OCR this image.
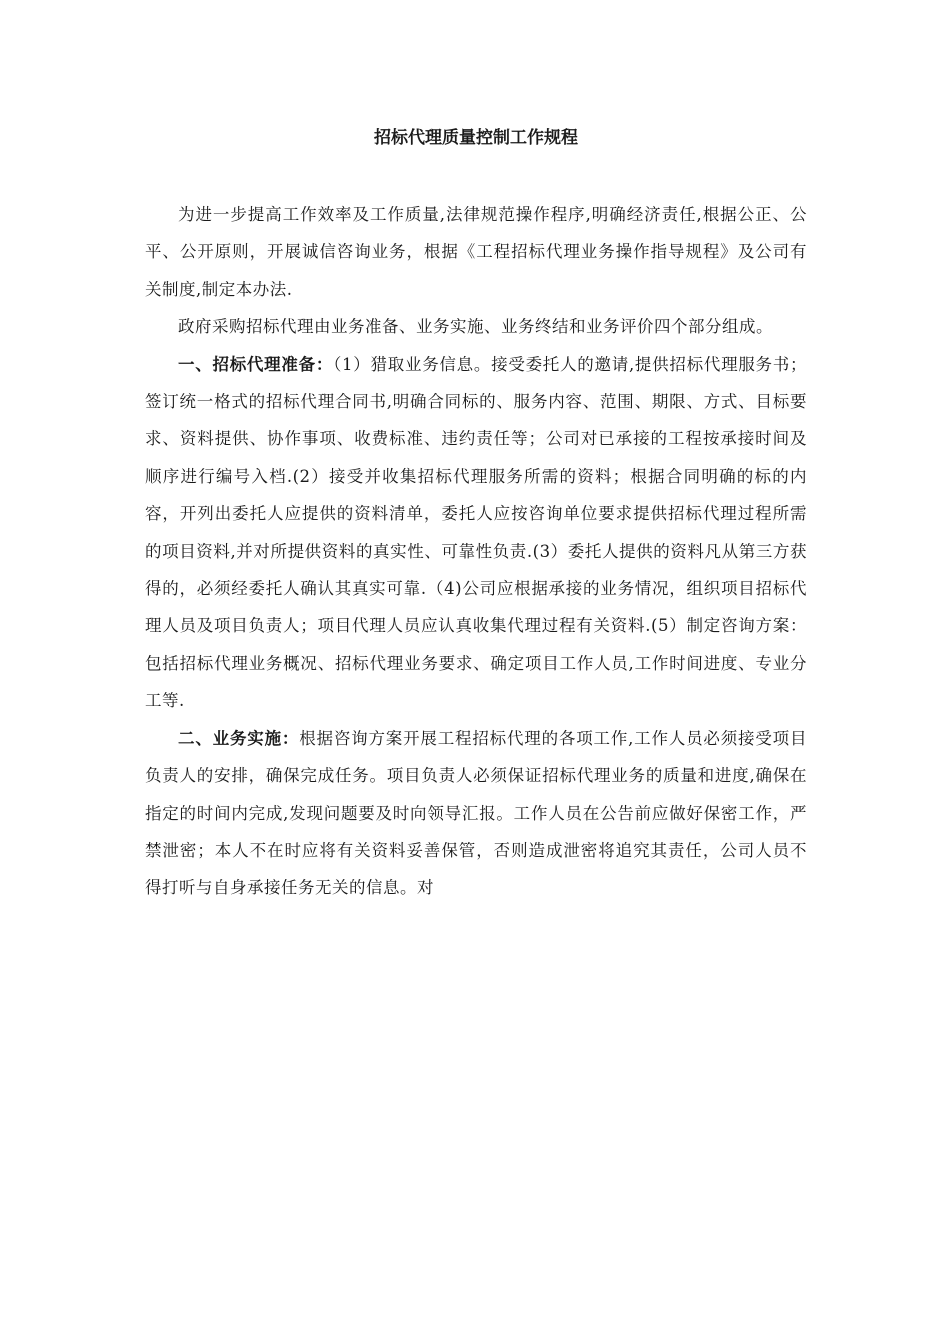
招标代理质量控制工作规程

为进一步提高工作效率及工作质量,法律规范操作程序,明确经济责任,根据公正、公平、公开原则，开展诚信咨询业务，根据《工程招标代理业务操作指导规程》及公司有关制度,制定本办法.

政府采购招标代理由业务准备、业务实施、业务终结和业务评价四个部分组成。

一、招标代理准备：（1）猎取业务信息。接受委托人的邀请,提供招标代理服务书；签订统一格式的招标代理合同书,明确合同标的、服务内容、范围、期限、方式、目标要求、资料提供、协作事项、收费标准、违约责任等；公司对已承接的工程按承接时间及顺序进行编号入档.(2）接受并收集招标代理服务所需的资料；根据合同明确的标的内容，开列出委托人应提供的资料清单，委托人应按咨询单位要求提供招标代理过程所需的项目资料,并对所提供资料的真实性、可靠性负责.(3）委托人提供的资料凡从第三方获得的，必须经委托人确认其真实可靠.（4)公司应根据承接的业务情况，组织项目招标代理人员及项目负责人；项目代理人员应认真收集代理过程有关资料.(5）制定咨询方案：包括招标代理业务概况、招标代理业务要求、确定项目工作人员,工作时间进度、专业分工等.

二、业务实施：根据咨询方案开展工程招标代理的各项工作,工作人员必须接受项目负责人的安排，确保完成任务。项目负责人必须保证招标代理业务的质量和进度,确保在指定的时间内完成,发现问题要及时向领导汇报。工作人员在公告前应做好保密工作，严禁泄密；本人不在时应将有关资料妥善保管，否则造成泄密将追究其责任，公司人员不得打听与自身承接任务无关的信息。对
